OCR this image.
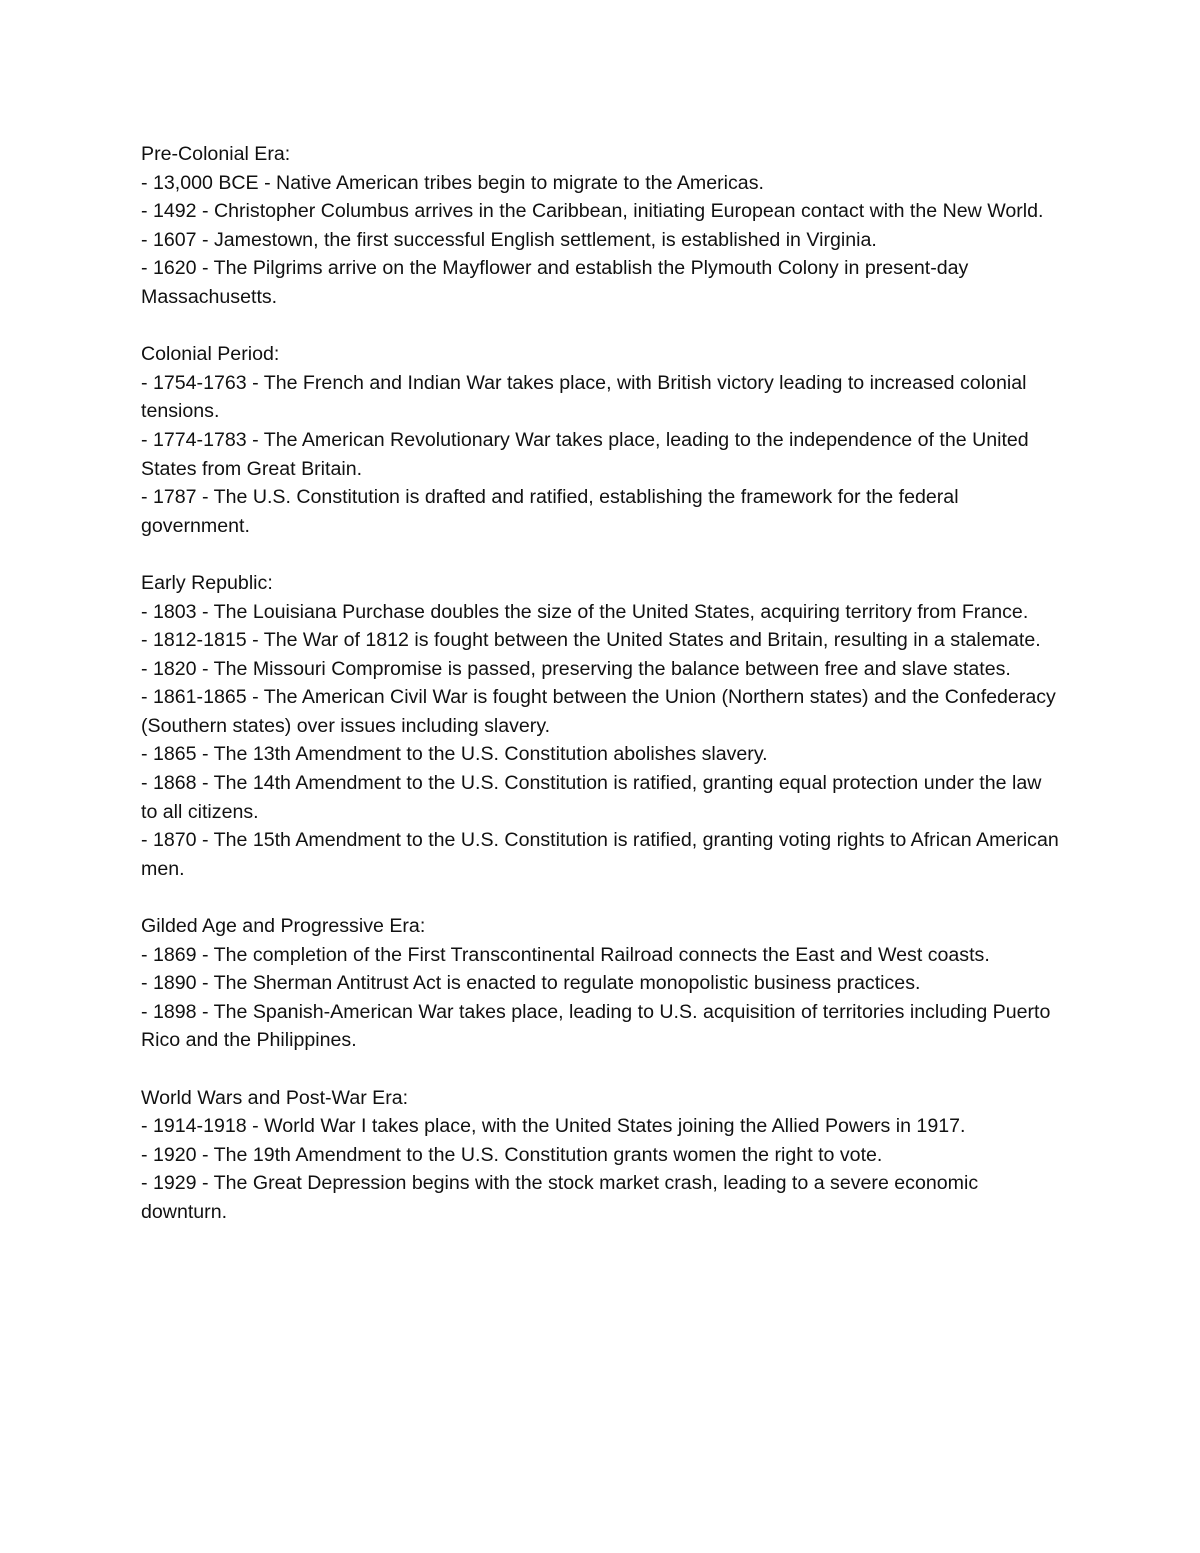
Pre-Colonial Era:
- 13,000 BCE - Native American tribes begin to migrate to the Americas.
- 1492 - Christopher Columbus arrives in the Caribbean, initiating European contact with the New World.
- 1607 - Jamestown, the first successful English settlement, is established in Virginia.
- 1620 - The Pilgrims arrive on the Mayflower and establish the Plymouth Colony in present-day Massachusetts.
Colonial Period:
- 1754-1763 - The French and Indian War takes place, with British victory leading to increased colonial tensions.
- 1774-1783 - The American Revolutionary War takes place, leading to the independence of the United States from Great Britain.
- 1787 - The U.S. Constitution is drafted and ratified, establishing the framework for the federal government.
Early Republic:
- 1803 - The Louisiana Purchase doubles the size of the United States, acquiring territory from France.
- 1812-1815 - The War of 1812 is fought between the United States and Britain, resulting in a stalemate.
- 1820 - The Missouri Compromise is passed, preserving the balance between free and slave states.
- 1861-1865 - The American Civil War is fought between the Union (Northern states) and the Confederacy (Southern states) over issues including slavery.
- 1865 - The 13th Amendment to the U.S. Constitution abolishes slavery.
- 1868 - The 14th Amendment to the U.S. Constitution is ratified, granting equal protection under the law to all citizens.
- 1870 - The 15th Amendment to the U.S. Constitution is ratified, granting voting rights to African American men.
Gilded Age and Progressive Era:
- 1869 - The completion of the First Transcontinental Railroad connects the East and West coasts.
- 1890 - The Sherman Antitrust Act is enacted to regulate monopolistic business practices.
- 1898 - The Spanish-American War takes place, leading to U.S. acquisition of territories including Puerto Rico and the Philippines.
World Wars and Post-War Era:
- 1914-1918 - World War I takes place, with the United States joining the Allied Powers in 1917.
- 1920 - The 19th Amendment to the U.S. Constitution grants women the right to vote.
- 1929 - The Great Depression begins with the stock market crash, leading to a severe economic downturn.
